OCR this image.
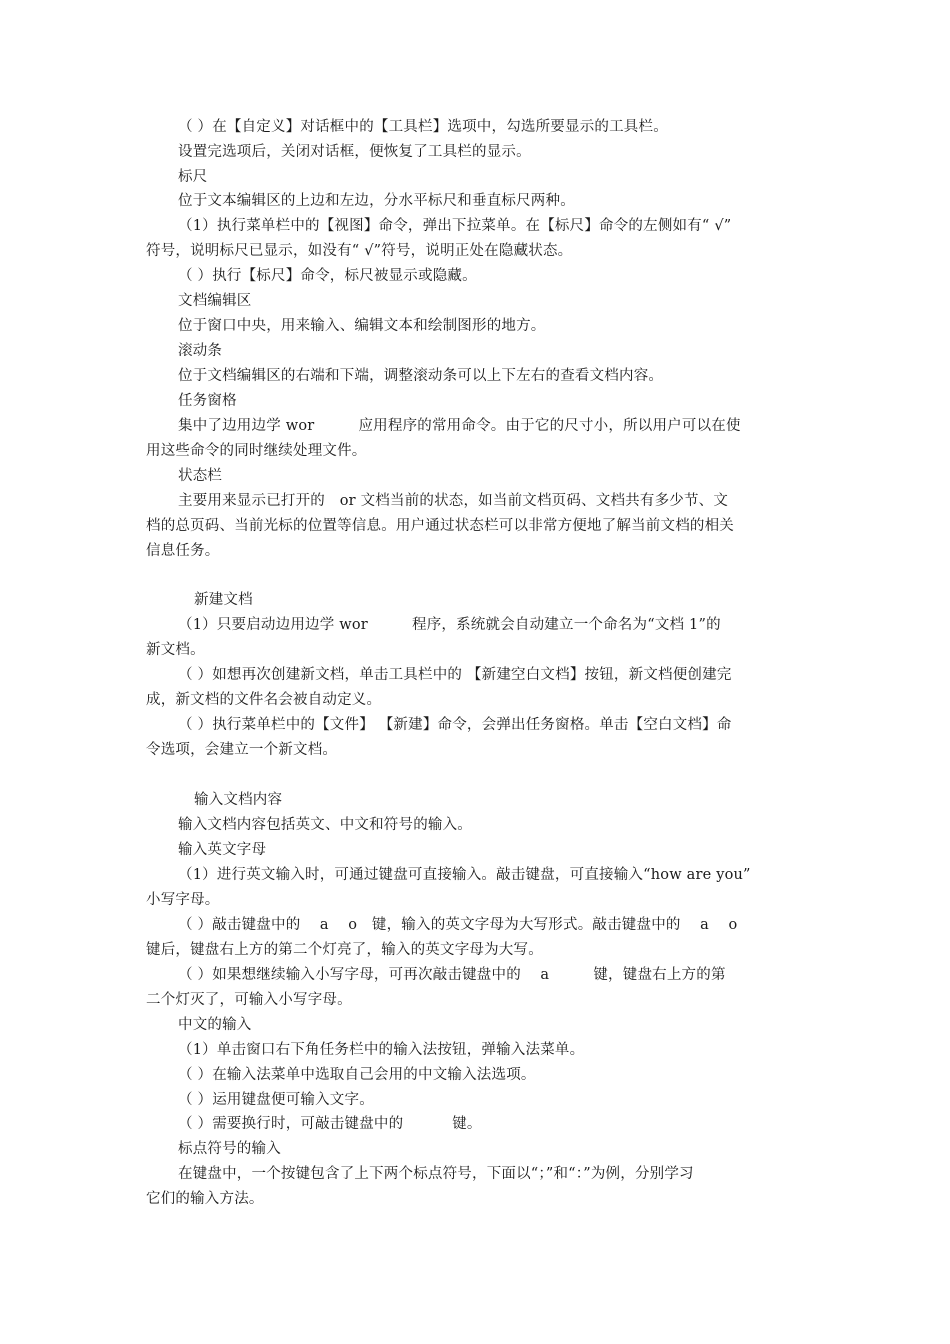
（ ）在【自定义】对话框中的【工具栏】选项中，勾选所要显示的工具栏。
设置完选项后，关闭对话框，便恢复了工具栏的显示。
标尺
位于文本编辑区的上边和左边，分水平标尺和垂直标尺两种。
（1）执行菜单栏中的【视图】命令，弹出下拉菜单。在【标尺】命令的左侧如有“ √”
符号，说明标尺已显示，如没有“ √”符号，说明正处在隐藏状态。
（ ）执行【标尺】命令，标尺被显示或隐藏。
文档编辑区
位于窗口中央，用来输入、编辑文本和绘制图形的地方。
滚动条
位于文档编辑区的右端和下端，调整滚动条可以上下左右的查看文档内容。
任务窗格
集中了边用边学 wor　　　应用程序的常用命令。由于它的尺寸小，所以用户可以在使
用这些命令的同时继续处理文件。
状态栏
主要用来显示已打开的　or 文档当前的状态，如当前文档页码、文档共有多少节、文
档的总页码、当前光标的位置等信息。用户通过状态栏可以非常方便地了解当前文档的相关
信息任务。
新建文档
（1）只要启动边用边学 wor　　　程序，系统就会自动建立一个命名为“文档 1”的
新文档。
（ ）如想再次创建新文档，单击工具栏中的 【新建空白文档】按钮，新文档便创建完
成，新文档的文件名会被自动定义。
（ ）执行菜单栏中的【文件】 【新建】命令，会弹出任务窗格。单击【空白文档】命
令选项，会建立一个新文档。
输入文档内容
输入文档内容包括英文、中文和符号的输入。
输入英文字母
（1）进行英文输入时，可通过键盘可直接输入。敲击键盘，可直接输入“how are you”
小写字母。
（ ）敲击键盘中的　 a　 o　键，输入的英文字母为大写形式。敲击键盘中的　 a　 o
键后，键盘右上方的第二个灯亮了，输入的英文字母为大写。
（ ）如果想继续输入小写字母，可再次敲击键盘中的　 a　　　键，键盘右上方的第
二个灯灭了，可输入小写字母。
中文的输入
（1）单击窗口右下角任务栏中的输入法按钮，弹输入法菜单。
（ ）在输入法菜单中选取自己会用的中文输入法选项。
（ ）运用键盘便可输入文字。
（ ）需要换行时，可敲击键盘中的　　　 键。
标点符号的输入
在键盘中，一个按键包含了上下两个标点符号，下面以“；”和“：”为例，分别学习
它们的输入方法。
